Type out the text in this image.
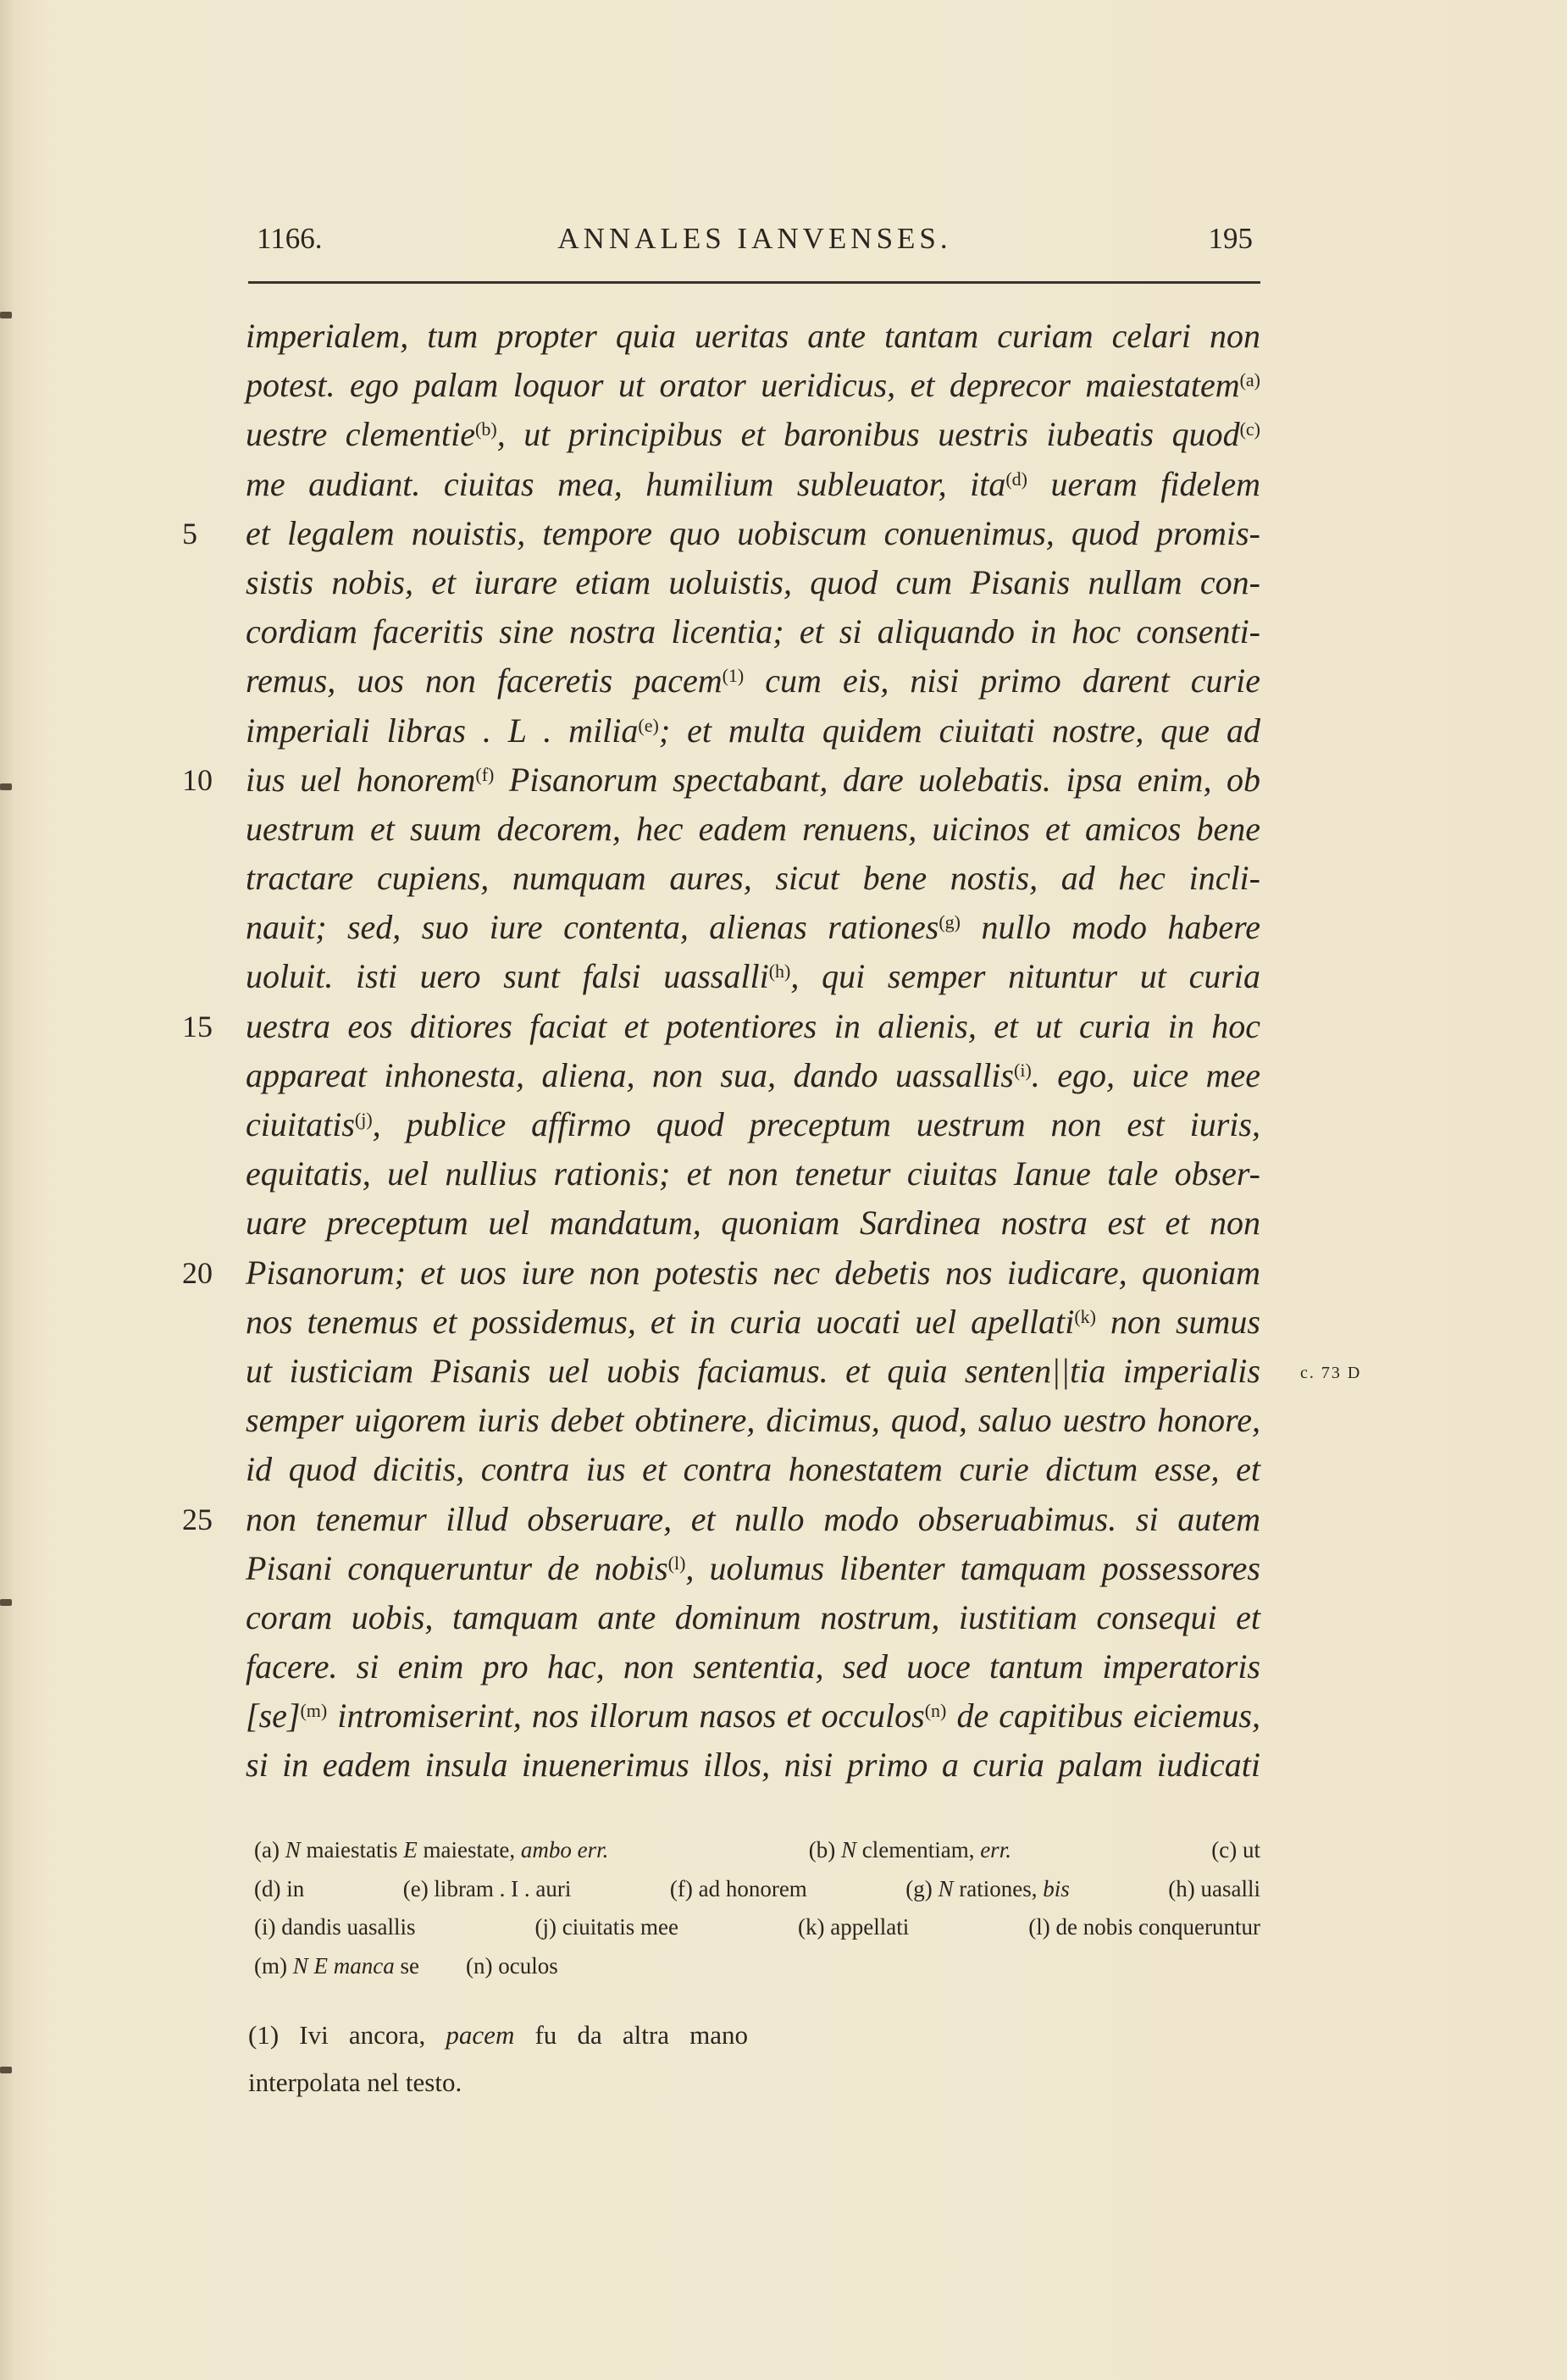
1166.	ANNALES IANVENSES.	195
imperialem, tum propter quia ueritas ante tantam curiam celari non
potest. ego palam loquor ut orator ueridicus, et deprecor maiestatem$^{(a)}$
uestre clementie$^{(b)}$, ut principibus et baronibus uestris iubeatis quod$^{(c)}$
me audiant. ciuitas mea, humilium subleuator, ita$^{(d)}$ ueram fidelem
et legalem nouistis, tempore quo uobiscum conuenimus, quod promis-
5
sistis nobis, et iurare etiam uoluistis, quod cum Pisanis nullam con-
cordiam faceritis sine nostra licentia; et si aliquando in hoc consenti-
remus, uos non faceretis pacem$^{(1)}$ cum eis, nisi primo darent curie
imperiali libras . L . milia$^{(e)}$; et multa quidem ciuitati nostre, que ad
ius uel honorem$^{(f)}$ Pisanorum spectabant, dare uolebatis. ipsa enim, ob
10
uestrum et suum decorem, hec eadem renuens, uicinos et amicos bene
tractare cupiens, numquam aures, sicut bene nostis, ad hec incli-
nauit; sed, suo iure contenta, alienas rationes$^{(g)}$ nullo modo habere
uoluit. isti uero sunt falsi uassalli$^{(h)}$, qui semper nituntur ut curia
uestra eos ditiores faciat et potentiores in alienis, et ut curia in hoc
15
appareat inhonesta, aliena, non sua, dando uassallis$^{(i)}$. ego, uice mee
ciuitatis$^{(j)}$, publice affirmo quod preceptum uestrum non est iuris,
equitatis, uel nullius rationis; et non tenetur ciuitas Ianue tale obser-
uare preceptum uel mandatum, quoniam Sardinea nostra est et non
Pisanorum; et uos iure non potestis nec debetis nos iudicare, quoniam
20
nos tenemus et possidemus, et in curia uocati uel apellati$^{(k)}$ non sumus
ut iusticiam Pisanis uel uobis faciamus. et quia senten||tia imperialis c. 73 D
semper uigorem iuris debet obtinere, dicimus, quod, saluo uestro honore,
id quod dicitis, contra ius et contra honestatem curie dictum esse, et
non tenemur illud obseruare, et nullo modo obseruabimus. si autem
25
Pisani conqueruntur de nobis$^{(l)}$, uolumus libenter tamquam possessores
coram uobis, tamquam ante dominum nostrum, iustitiam consequi et
facere. si enim pro hac, non sententia, sed uoce tantum imperatoris
[se]$^{(m)}$ intromiserint, nos illorum nasos et occulos$^{(n)}$ de capitibus eiciemus,
si in eadem insula inuenerimus illos, nisi primo a curia palam iudicati
(a) N maiestatis E maiestate, ambo err.	(b) N clementiam, err.	(c) ut
(d) in	(e) libram . I . auri	(f) ad honorem	(g) N rationes, bis	(h) uasalli
(i) dandis uasallis	(j) ciuitatis mee	(k) appellati	(l) de nobis conqueruntur
(m) N E manca se (n) oculos
(1) Ivi ancora, pacem fu da altra mano interpolata nel testo.
